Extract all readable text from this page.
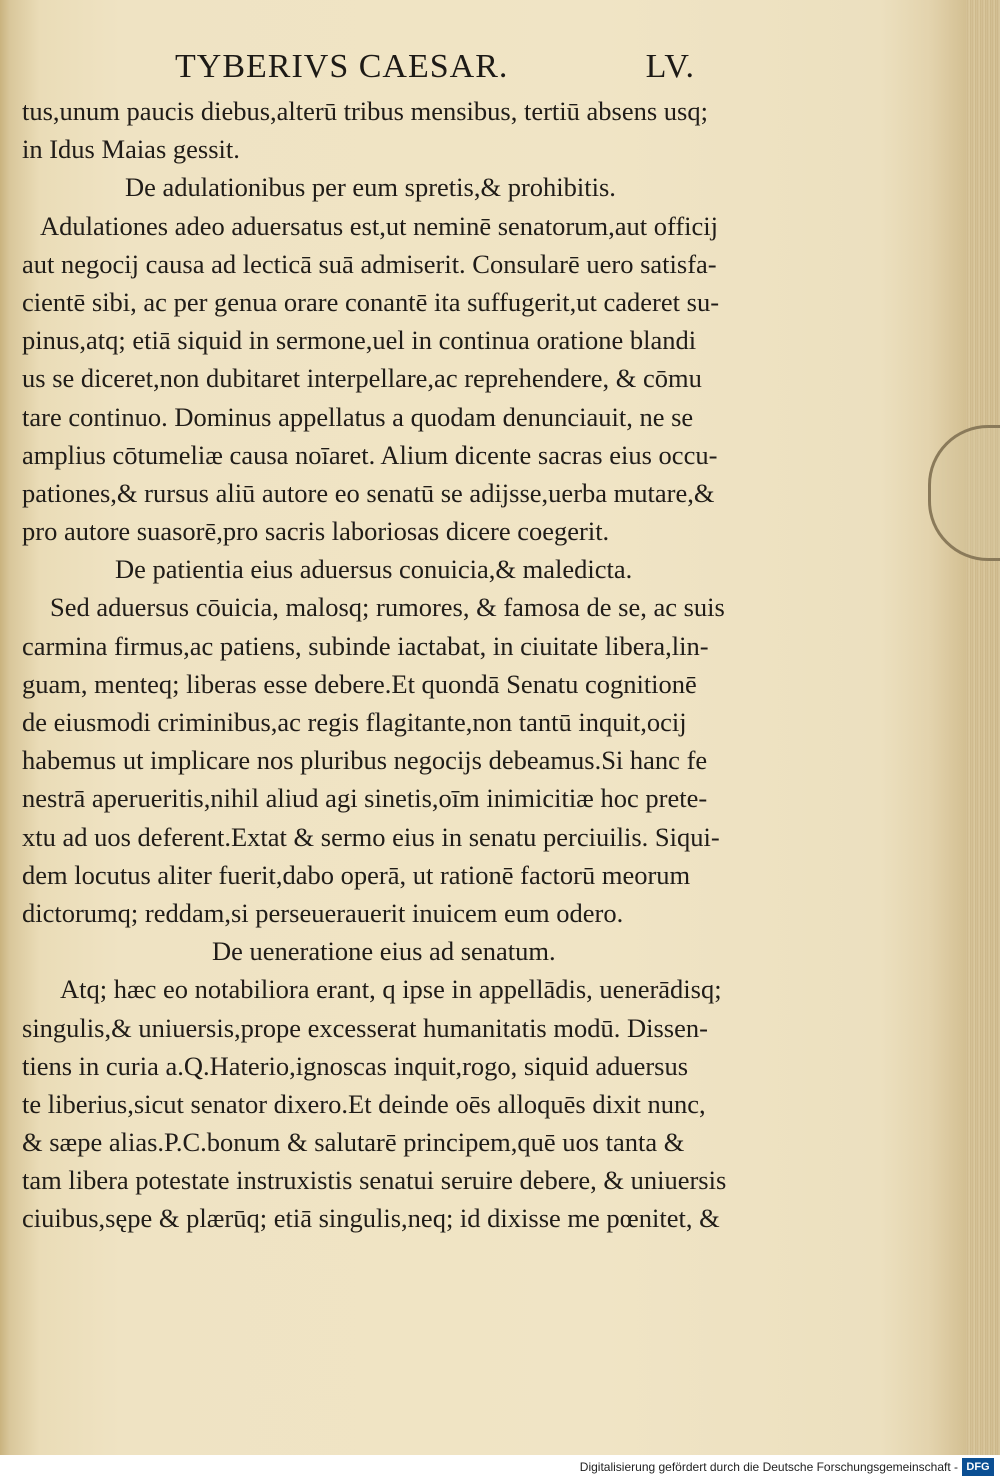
TYBERIVS CAESAR.	LV.
tus,unum paucis diebus,alterū tribus mensibus, tertiū absens usq;
in Idus Maias gessit.
De adulationibus per eum spretis,& prohibitis.
Adulationes adeo aduersatus est,ut neminē senatorum,aut officij
aut negocij causa ad lecticā suā admiserit. Consularē uero satisfa-
cientē sibi, ac per genua orare conantē ita suffugerit,ut caderet su-
pinus,atq; etiā siquid in sermone,uel in continua oratione blandi
us se diceret,non dubitaret interpellare,ac reprehendere, & cōmu
tare continuo. Dominus appellatus a quodam denunciauit, ne se
amplius cōtumeliæ causa noīaret. Alium dicente sacras eius occu-
pationes,& rursus aliū autore eo senatū se adijsse,uerba mutare,&
pro autore suasorē,pro sacris laboriosas dicere coegerit.
De patientia eius aduersus conuicia,& maledicta.
Sed aduersus cōuicia, malosq; rumores, & famosa de se, ac suis
carmina firmus,ac patiens, subinde iactabat, in ciuitate libera,lin-
guam, menteq; liberas esse debere.Et quondā Senatu cognitionē
de eiusmodi criminibus,ac regis flagitante,non tantū inquit,ocij
habemus ut implicare nos pluribus negocijs debeamus.Si hanc fe
nestrā aperueritis,nihil aliud agi sinetis,oīm inimicitiæ hoc prete-
xtu ad uos deferent.Extat & sermo eius in senatu perciuilis. Siqui-
dem locutus aliter fuerit,dabo operā, ut rationē factorū meorum
dictorumq; reddam,si perseuerauerit inuicem eum odero.
De ueneratione eius ad senatum.
Atq; hæc eo notabiliora erant, q ipse in appellādis, uenerādisq;
singulis,& uniuersis,prope excesserat humanitatis modū. Dissen-
tiens in curia a.Q.Haterio,ignoscas inquit,rogo, siquid aduersus
te liberius,sicut senator dixero.Et deinde oēs alloquēs dixit nunc,
& sæpe alias.P.C.bonum & salutarē principem,quē uos tanta &
tam libera potestate instruxistis senatui seruire debere, & uniuersis
ciuibus,sępe & plærūq; etiā singulis,neq; id dixisse me pœnitet, &
Digitalisierung gefördert durch die Deutsche Forschungsgemeinschaft - DFG
